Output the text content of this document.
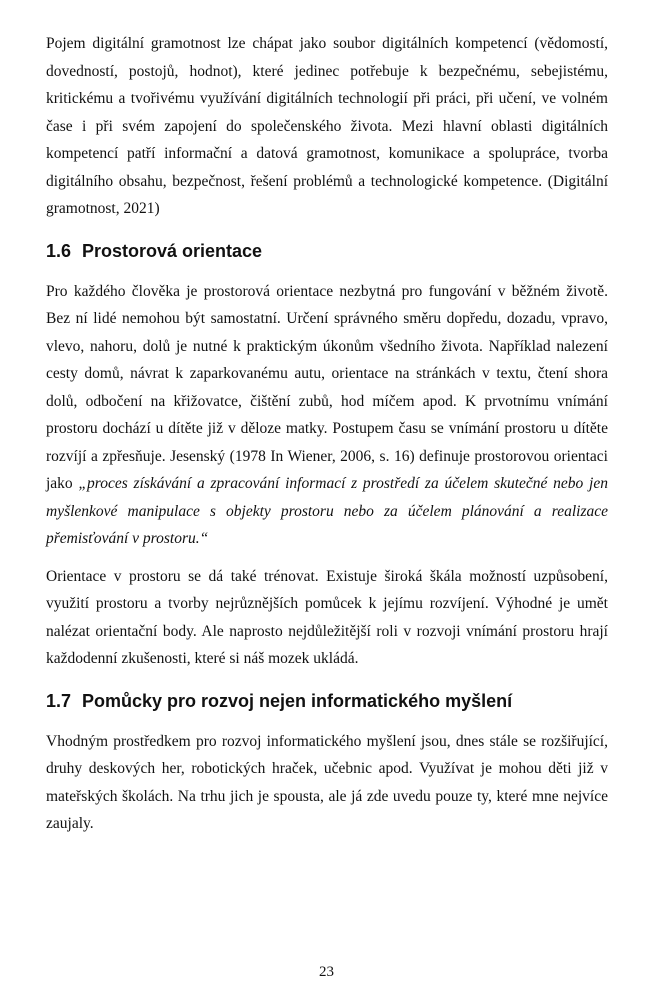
Pojem digitální gramotnost lze chápat jako soubor digitálních kompetencí (vědomostí, dovedností, postojů, hodnot), které jedinec potřebuje k bezpečnému, sebejistému, kritickému a tvořivému využívání digitálních technologií při práci, při učení, ve volném čase i při svém zapojení do společenského života. Mezi hlavní oblasti digitálních kompetencí patří informační a datová gramotnost, komunikace a spolupráce, tvorba digitálního obsahu, bezpečnost, řešení problémů a technologické kompetence. (Digitální gramotnost, 2021)

1.6 Prostorová orientace

Pro každého člověka je prostorová orientace nezbytná pro fungování v běžném životě. Bez ní lidé nemohou být samostatní. Určení správného směru dopředu, dozadu, vpravo, vlevo, nahoru, dolů je nutné k praktickým úkonům všedního života. Například nalezení cesty domů, návrat k zaparkovanému autu, orientace na stránkách v textu, čtení shora dolů, odbočení na křižovatce, čištění zubů, hod míčem apod. K prvotnímu vnímání prostoru dochází u dítěte již v děloze matky. Postupem času se vnímání prostoru u dítěte rozvíjí a zpřesňuje. Jesenský (1978 In Wiener, 2006, s. 16) definuje prostorovou orientaci jako „proces získávání a zpracování informací z prostředí za účelem skutečné nebo jen myšlenkové manipulace s objekty prostoru nebo za účelem plánování a realizace přemisťování v prostoru.“

Orientace v prostoru se dá také trénovat. Existuje široká škála možností uzpůsobení, využití prostoru a tvorby nejrůznějších pomůcek k jejímu rozvíjení. Výhodné je umět nalézat orientační body. Ale naprosto nejdůležitější roli v rozvoji vnímání prostoru hrají každodenní zkušenosti, které si náš mozek ukládá.

1.7 Pomůcky pro rozvoj nejen informatického myšlení

Vhodným prostředkem pro rozvoj informatického myšlení jsou, dnes stále se rozšiřující, druhy deskových her, robotických hraček, učebnic apod. Využívat je mohou děti již v mateřských školách. Na trhu jich je spousta, ale já zde uvedu pouze ty, které mne nejvíce zaujaly.

23
